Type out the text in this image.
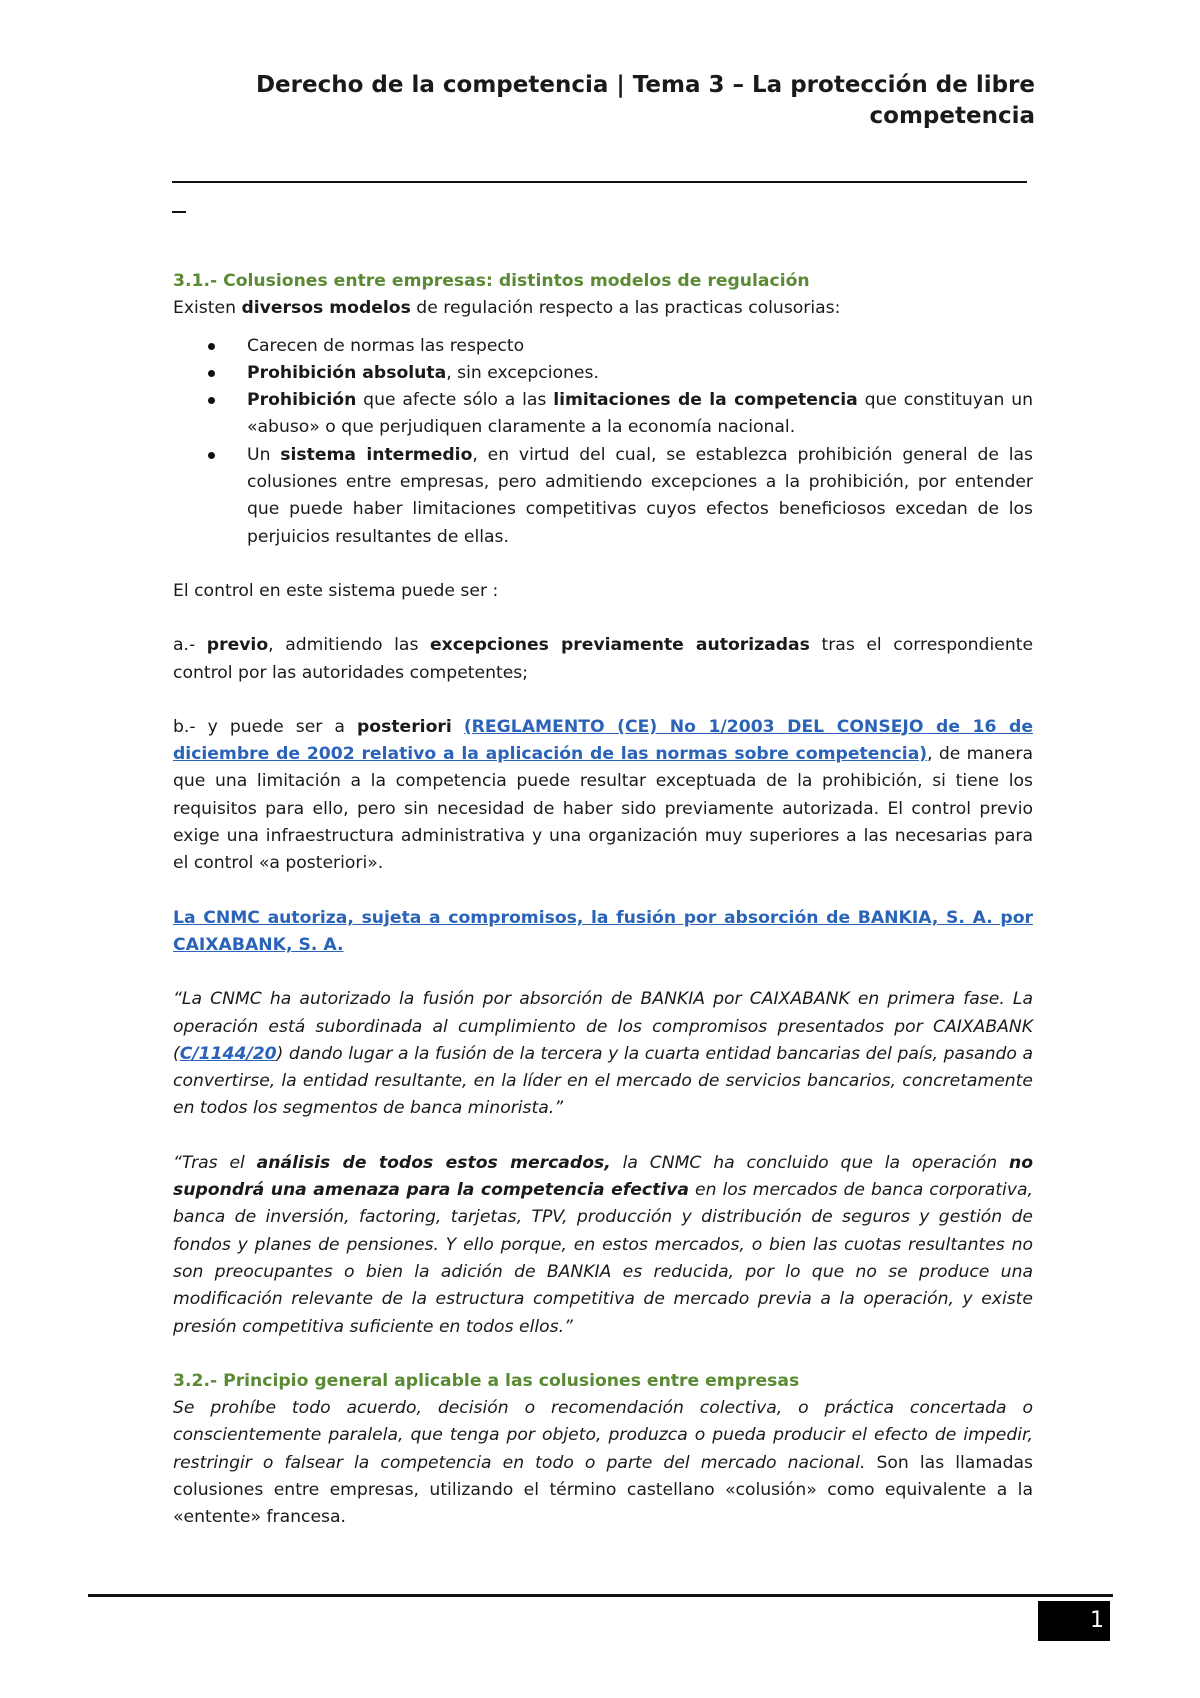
Derecho de la competencia | Tema 3 – La protección de libre
competencia

3.1.- Colusiones entre empresas: distintos modelos de regulación

Existen diversos modelos de regulación respecto a las practicas colusorias:

Carecen de normas las respecto
Prohibición absoluta, sin excepciones.
Prohibición que afecte sólo a las limitaciones de la competencia que constituyan un «abuso» o que perjudiquen claramente a la economía nacional.
Un sistema intermedio, en virtud del cual, se establezca prohibición general de las colusiones entre empresas, pero admitiendo excepciones a la prohibición, por entender que puede haber limitaciones competitivas cuyos efectos beneficiosos excedan de los perjuicios resultantes de ellas.

El control en este sistema puede ser :

a.- previo, admitiendo las excepciones previamente autorizadas tras el correspondiente control por las autoridades competentes;

b.- y puede ser a posteriori (REGLAMENTO (CE) No 1/2003 DEL CONSEJO de 16 de diciembre de 2002 relativo a la aplicación de las normas sobre competencia), de manera que una limitación a la competencia puede resultar exceptuada de la prohibición, si tiene los requisitos para ello, pero sin necesidad de haber sido previamente autorizada. El control previo exige una infraestructura administrativa y una organización muy superiores a las necesarias para el control «a posteriori».

La CNMC autoriza, sujeta a compromisos, la fusión por absorción de BANKIA, S. A. por CAIXABANK, S. A.

“La CNMC ha autorizado la fusión por absorción de BANKIA por CAIXABANK en primera fase. La operación está subordinada al cumplimiento de los compromisos presentados por CAIXABANK (C/1144/20) dando lugar a la fusión de la tercera y la cuarta entidad bancarias del país, pasando a convertirse, la entidad resultante, en la líder en el mercado de servicios bancarios, concretamente en todos los segmentos de banca minorista.”

“Tras el análisis de todos estos mercados, la CNMC ha concluido que la operación no supondrá una amenaza para la competencia efectiva en los mercados de banca corporativa, banca de inversión, factoring, tarjetas, TPV, producción y distribución de seguros y gestión de fondos y planes de pensiones. Y ello porque, en estos mercados, o bien las cuotas resultantes no son preocupantes o bien la adición de BANKIA es reducida, por lo que no se produce una modificación relevante de la estructura competitiva de mercado previa a la operación, y existe presión competitiva suficiente en todos ellos.”

3.2.- Principio general aplicable a las colusiones entre empresas

Se prohíbe todo acuerdo, decisión o recomendación colectiva, o práctica concertada o conscientemente paralela, que tenga por objeto, produzca o pueda producir el efecto de impedir, restringir o falsear la competencia en todo o parte del mercado nacional. Son las llamadas colusiones entre empresas, utilizando el término castellano «colusión» como equivalente a la «entente» francesa.

1
